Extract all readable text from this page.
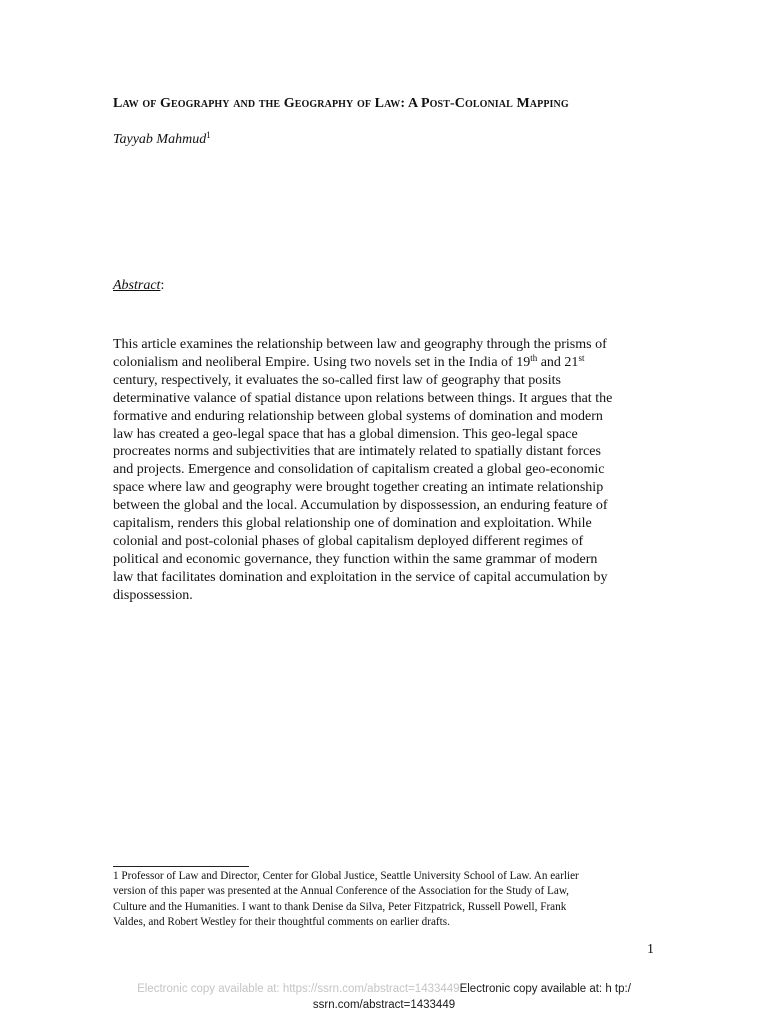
Law of Geography and the Geography of Law: A Post-Colonial Mapping
Tayyab Mahmud$^1$
Abstract:
This article examines the relationship between law and geography through the prisms of
colonialism and neoliberal Empire. Using two novels set in the India of 19th and 21st
century, respectively, it evaluates the so-called first law of geography that posits
determinative valance of spatial distance upon relations between things. It argues that the
formative and enduring relationship between global systems of domination and modern
law has created a geo-legal space that has a global dimension. This geo-legal space
procreates norms and subjectivities that are intimately related to spatially distant forces
and projects. Emergence and consolidation of capitalism created a global geo-economic
space where law and geography were brought together creating an intimate relationship
between the global and the local. Accumulation by dispossession, an enduring feature of
capitalism, renders this global relationship one of domination and exploitation. While
colonial and post-colonial phases of global capitalism deployed different regimes of
political and economic governance, they function within the same grammar of modern
law that facilitates domination and exploitation in the service of capital accumulation by
dispossession.
1 Professor of Law and Director, Center for Global Justice, Seattle University School of Law. An earlier
version of this paper was presented at the Annual Conference of the Association for the Study of Law,
Culture and the Humanities. I want to thank Denise da Silva, Peter Fitzpatrick, Russell Powell, Frank
Valdes, and Robert Westley for their thoughtful comments on earlier drafts.
1
Electronic copy available at: https://ssrn.com/abstract=1433449Electronic copy available at: h tp:/
ssrn.com/abstract=1433449
